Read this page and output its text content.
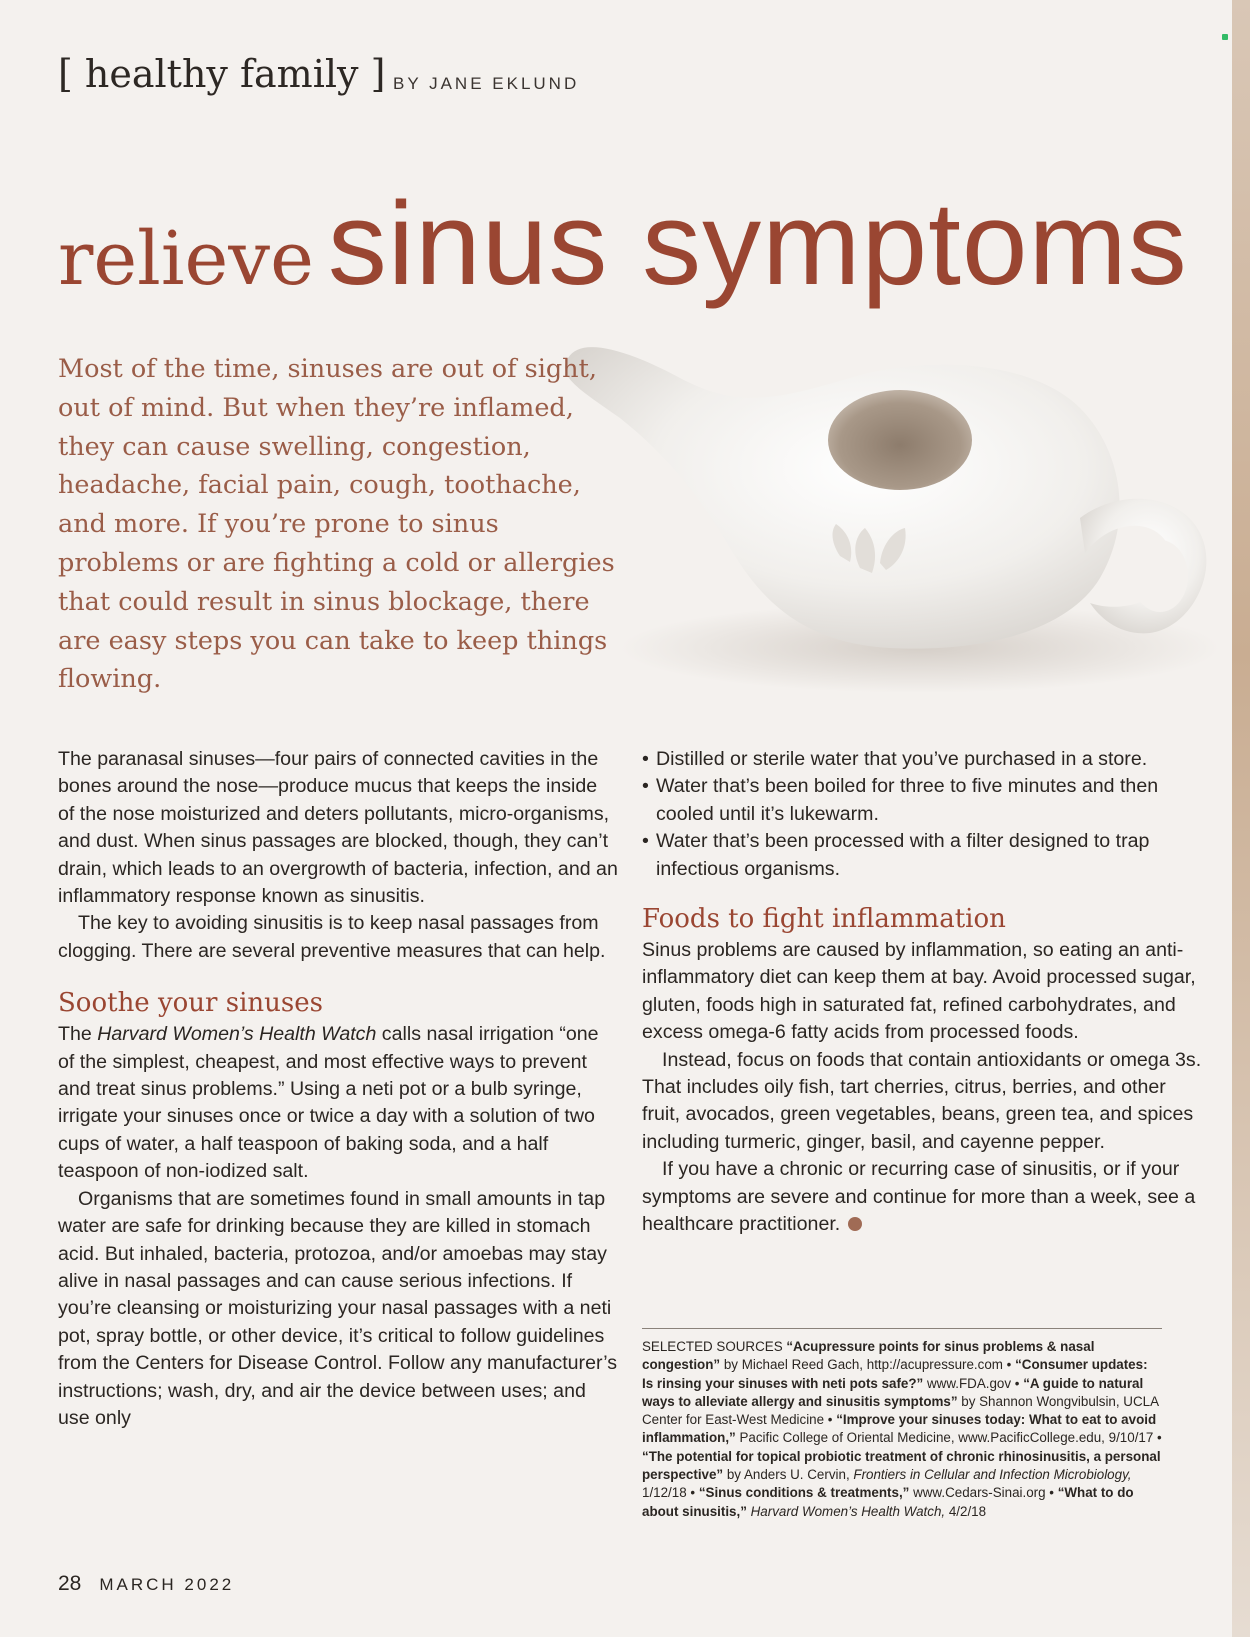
[ healthy family ] BY JANE EKLUND
relieve sinus symptoms
Most of the time, sinuses are out of sight, out of mind. But when they’re inflamed, they can cause swelling, congestion, headache, facial pain, cough, toothache, and more. If you’re prone to sinus problems or are fighting a cold or allergies that could result in sinus blockage, there are easy steps you can take to keep things flowing.

The paranasal sinuses—four pairs of connected cavities in the bones around the nose—produce mucus that keeps the inside of the nose moisturized and deters pollutants, micro-organisms, and dust. When sinus passages are blocked, though, they can’t drain, which leads to an overgrowth of bacteria, infection, and an inflammatory response known as sinusitis.

The key to avoiding sinusitis is to keep nasal passages from clogging. There are several preventive measures that can help.

Soothe your sinuses

The Harvard Women’s Health Watch calls nasal irrigation “one of the simplest, cheapest, and most effective ways to prevent and treat sinus problems.” Using a neti pot or a bulb syringe, irrigate your sinuses once or twice a day with a solution of two cups of water, a half teaspoon of baking soda, and a half teaspoon of non-iodized salt.

Organisms that are sometimes found in small amounts in tap water are safe for drinking because they are killed in stomach acid. But inhaled, bacteria, protozoa, and/or amoebas may stay alive in nasal passages and can cause serious infections. If you’re cleansing or moisturizing your nasal passages with a neti pot, spray bottle, or other device, it’s critical to follow guidelines from the Centers for Disease Control. Follow any manufacturer’s instructions; wash, dry, and air the device between uses; and use only

• Distilled or sterile water that you’ve purchased in a store.
• Water that’s been boiled for three to five minutes and then cooled until it’s lukewarm.
• Water that’s been processed with a filter designed to trap infectious organisms.
Foods to fight inflammation

Sinus problems are caused by inflammation, so eating an anti-inflammatory diet can keep them at bay. Avoid processed sugar, gluten, foods high in saturated fat, refined carbohydrates, and excess omega-6 fatty acids from processed foods.

Instead, focus on foods that contain antioxidants or omega 3s. That includes oily fish, tart cherries, citrus, berries, and other fruit, avocados, green vegetables, beans, green tea, and spices including turmeric, ginger, basil, and cayenne pepper.

If you have a chronic or recurring case of sinusitis, or if your symptoms are severe and continue for more than a week, see a healthcare practitioner.

SELECTED SOURCES “Acupressure points for sinus problems & nasal congestion” by Michael Reed Gach, http://acupressure.com • “Consumer updates: Is rinsing your sinuses with neti pots safe?” www.FDA.gov • “A guide to natural ways to alleviate allergy and sinusitis symptoms” by Shannon Wongvibulsin, UCLA Center for East-West Medicine • “Improve your sinuses today: What to eat to avoid inflammation,” Pacific College of Oriental Medicine, www.PacificCollege.edu, 9/10/17 • “The potential for topical probiotic treatment of chronic rhinosinusitis, a personal perspective” by Anders U. Cervin, Frontiers in Cellular and Infection Microbiology, 1/12/18 • “Sinus conditions & treatments,” www.Cedars-Sinai.org • “What to do about sinusitis,” Harvard Women’s Health Watch, 4/2/18
28 MARCH 2022
